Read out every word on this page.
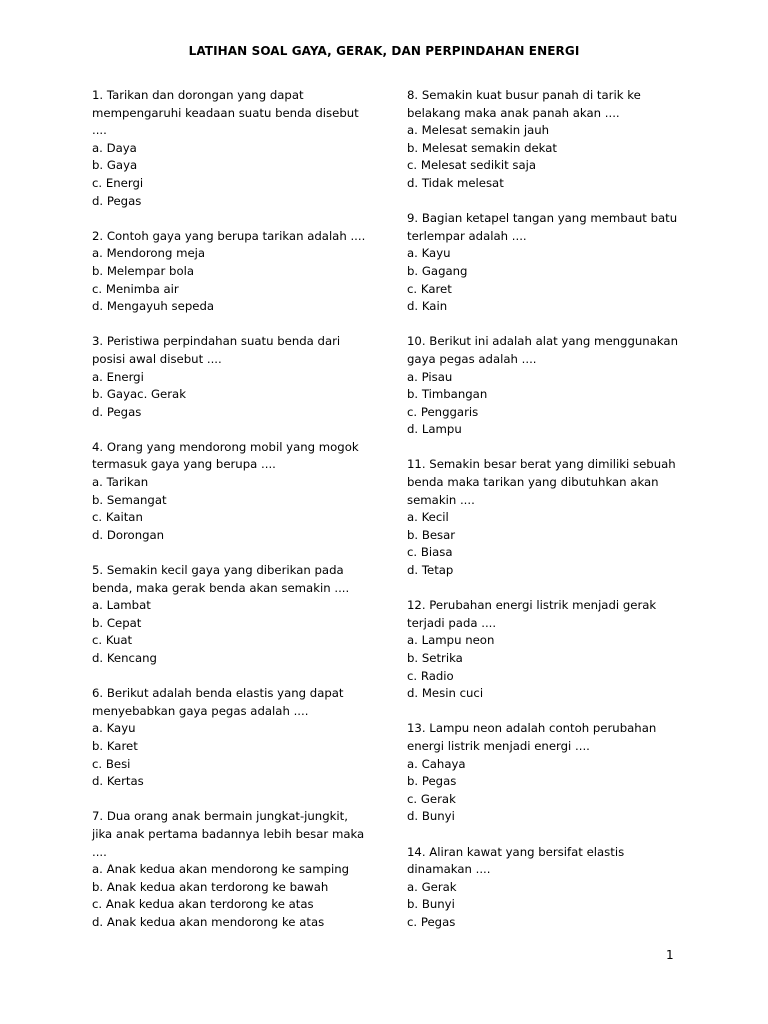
LATIHAN SOAL GAYA, GERAK, DAN PERPINDAHAN ENERGI
1. Tarikan dan dorongan yang dapat
mempengaruhi keadaan suatu benda disebut
....
a. Daya
b. Gaya
c. Energi
d. Pegas
2. Contoh gaya yang berupa tarikan adalah ....
a. Mendorong meja
b. Melempar bola
c. Menimba air
d. Mengayuh sepeda
3. Peristiwa perpindahan suatu benda dari
posisi awal disebut ....
a. Energi
b. Gayac. Gerak
d. Pegas
4. Orang yang mendorong mobil yang mogok
termasuk gaya yang berupa ....
a. Tarikan
b. Semangat
c. Kaitan
d. Dorongan
5. Semakin kecil gaya yang diberikan pada
benda, maka gerak benda akan semakin ....
a. Lambat
b. Cepat
c. Kuat
d. Kencang
6. Berikut adalah benda elastis yang dapat
menyebabkan gaya pegas adalah ....
a. Kayu
b. Karet
c. Besi
d. Kertas
7. Dua orang anak bermain jungkat-jungkit,
jika anak pertama badannya lebih besar maka
....
a. Anak kedua akan mendorong ke samping
b. Anak kedua akan terdorong ke bawah
c. Anak kedua akan terdorong ke atas
d. Anak kedua akan mendorong ke atas
8. Semakin kuat busur panah di tarik ke
belakang maka anak panah akan ....
a. Melesat semakin jauh
b. Melesat semakin dekat
c. Melesat sedikit saja
d. Tidak melesat
9. Bagian ketapel tangan yang membaut batu
terlempar adalah ....
a. Kayu
b. Gagang
c. Karet
d. Kain
10. Berikut ini adalah alat yang menggunakan
gaya pegas adalah ....
a. Pisau
b. Timbangan
c. Penggaris
d. Lampu
11. Semakin besar berat yang dimiliki sebuah
benda maka tarikan yang dibutuhkan akan
semakin ....
a. Kecil
b. Besar
c. Biasa
d. Tetap
12. Perubahan energi listrik menjadi gerak
terjadi pada ....
a. Lampu neon
b. Setrika
c. Radio
d. Mesin cuci
13. Lampu neon adalah contoh perubahan
energi listrik menjadi energi ....
a. Cahaya
b. Pegas
c. Gerak
d. Bunyi
14. Aliran kawat yang bersifat elastis
dinamakan ....
a. Gerak
b. Bunyi
c. Pegas
1
